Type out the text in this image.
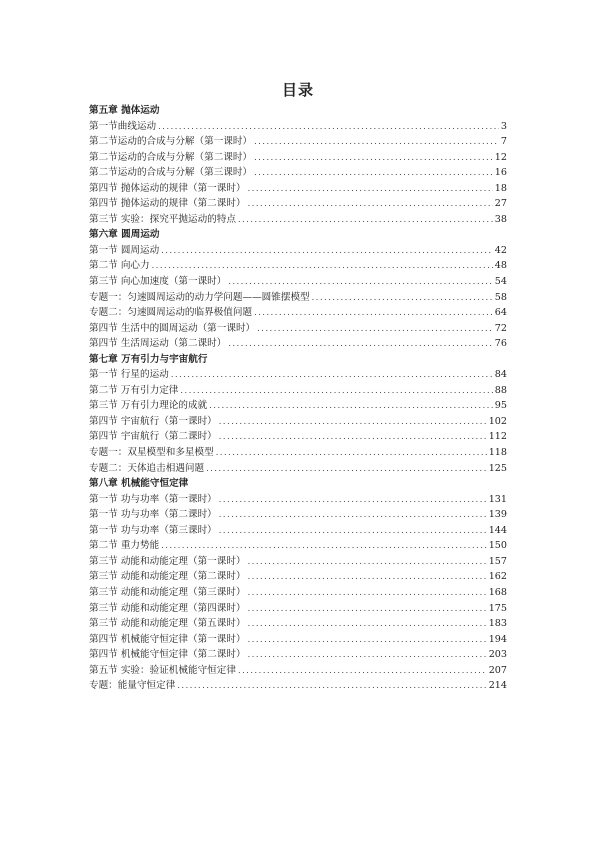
目录
第五章 抛体运动
第一节曲线运动 .....	3
第二节运动的合成与分解（第一课时） .....	7
第二节运动的合成与分解（第二课时） .....	12
第二节运动的合成与分解（第三课时） .....	16
第四节 抛体运动的规律（第一课时） .....	18
第四节 抛体运动的规律（第二课时） .....	27
第三节 实验：探究平抛运动的特点 .....	38
第六章 圆周运动
第一节 圆周运动 .....	42
第二节 向心力 .....	48
第三节 向心加速度（第一课时） .....	54
专题一：匀速圆周运动的动力学问题——圆锥摆模型 .....	58
专题二：匀速圆周运动的临界极值问题 .....	64
第四节 生活中的圆周运动（第一课时） .....	72
第四节 生活周运动（第二课时） .....	76
第七章 万有引力与宇宙航行
第一节 行星的运动 .....	84
第二节 万有引力定律 .....	88
第三节 万有引力理论的成就 .....	95
第四节 宇宙航行（第一课时） .....	102
第四节 宇宙航行（第二课时） .....	112
专题一：双星模型和多星模型 .....	118
专题二：天体追击相遇问题 .....	125
第八章 机械能守恒定律
第一节 功与功率（第一课时） .....	131
第一节 功与功率（第二课时） .....	139
第一节 功与功率（第三课时） .....	144
第二节 重力势能 .....	150
第三节 动能和动能定理（第一课时） .....	157
第三节 动能和动能定理（第二课时） .....	162
第三节 动能和动能定理（第三课时） .....	168
第三节 动能和动能定理（第四课时） .....	175
第三节 动能和动能定理（第五课时） .....	183
第四节 机械能守恒定律（第一课时） .....	194
第四节 机械能守恒定律（第二课时） .....	203
第五节 实验：验证机械能守恒定律 .....	207
专题：能量守恒定律 .....	214
